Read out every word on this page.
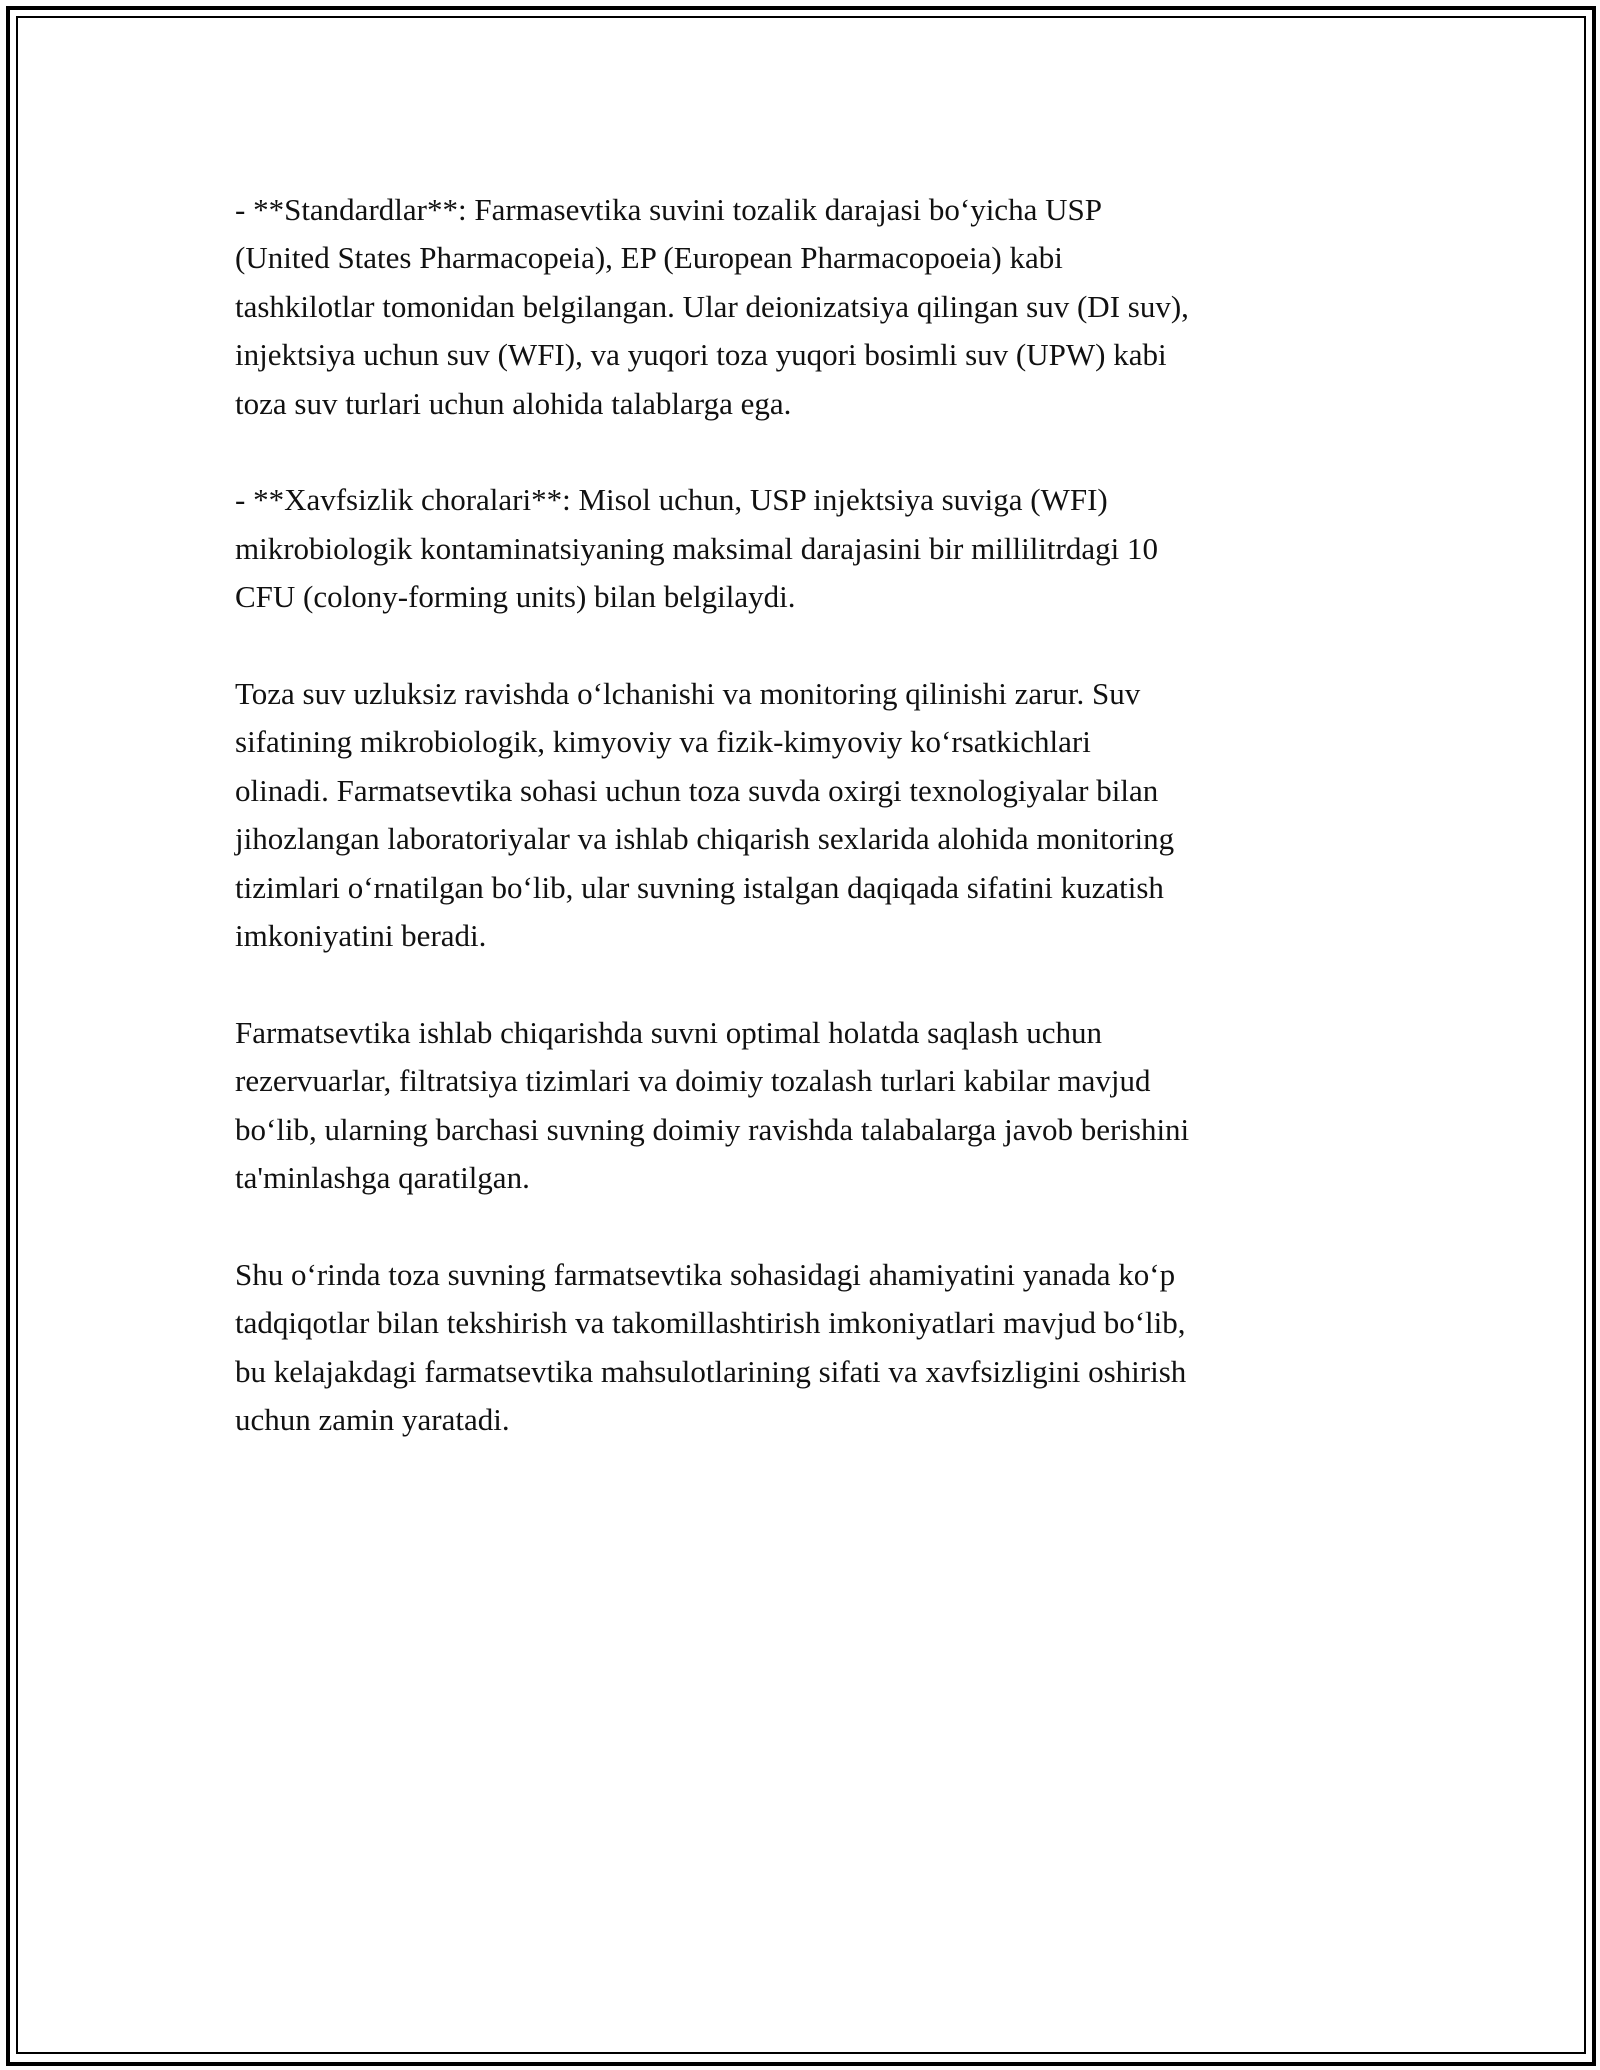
- **Standardlar**: Farmasevtika suvini tozalik darajasi bo‘yicha USP
(United States Pharmacopeia), EP (European Pharmacopoeia) kabi
tashkilotlar tomonidan belgilangan. Ular deionizatsiya qilingan suv (DI suv),
injektsiya uchun suv (WFI), va yuqori toza yuqori bosimli suv (UPW) kabi
toza suv turlari uchun alohida talablarga ega.

- **Xavfsizlik choralari**: Misol uchun, USP injektsiya suviga (WFI)
mikrobiologik kontaminatsiyaning maksimal darajasini bir millilitrdagi 10
CFU (colony-forming units) bilan belgilaydi.

Toza suv uzluksiz ravishda o‘lchanishi va monitoring qilinishi zarur. Suv
sifatining mikrobiologik, kimyoviy va fizik-kimyoviy ko‘rsatkichlari
olinadi. Farmatsevtika sohasi uchun toza suvda oxirgi texnologiyalar bilan
jihozlangan laboratoriyalar va ishlab chiqarish sexlarida alohida monitoring
tizimlari o‘rnatilgan bo‘lib, ular suvning istalgan daqiqada sifatini kuzatish
imkoniyatini beradi.

Farmatsevtika ishlab chiqarishda suvni optimal holatda saqlash uchun
rezervuarlar, filtratsiya tizimlari va doimiy tozalash turlari kabilar mavjud
bo‘lib, ularning barchasi suvning doimiy ravishda talabalarga javob berishini
ta'minlashga qaratilgan.

Shu o‘rinda toza suvning farmatsevtika sohasidagi ahamiyatini yanada ko‘p
tadqiqotlar bilan tekshirish va takomillashtirish imkoniyatlari mavjud bo‘lib,
bu kelajakdagi farmatsevtika mahsulotlarining sifati va xavfsizligini oshirish
uchun zamin yaratadi.
